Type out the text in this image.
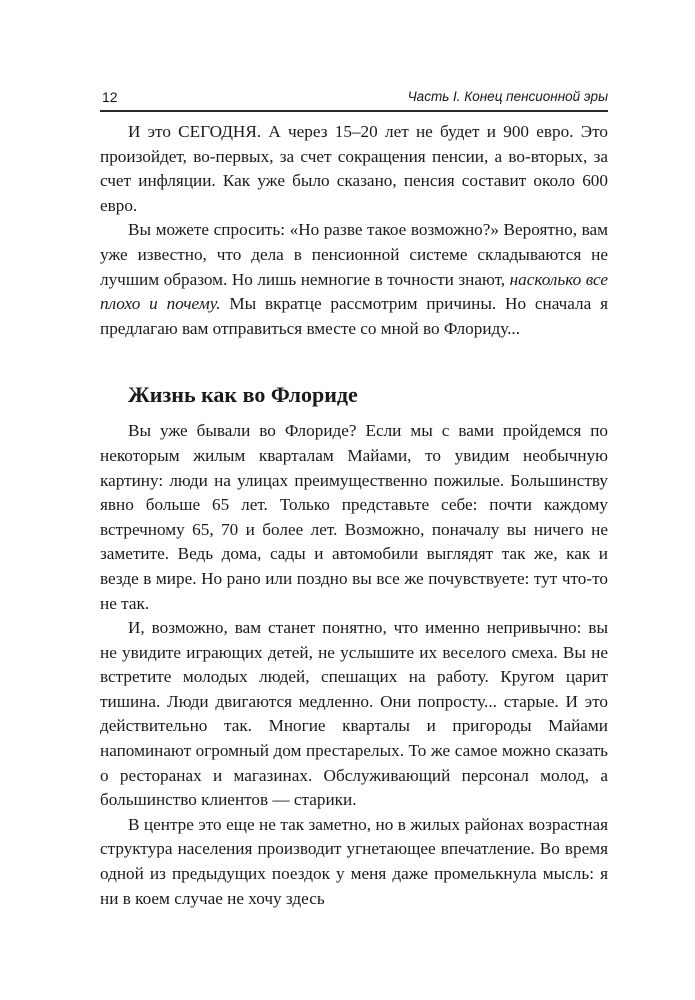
12	Часть I. Конец пенсионной эры

И это СЕГОДНЯ. А через 15–20 лет не будет и 900 евро. Это произойдет, во-первых, за счет сокращения пенсии, а во-вторых, за счет инфляции. Как уже было сказано, пенсия составит около 600 евро.

Вы можете спросить: «Но разве такое возможно?» Вероятно, вам уже известно, что дела в пенсионной системе складываются не лучшим образом. Но лишь немногие в точности знают, насколько все плохо и почему. Мы вкратце рассмотрим причины. Но сначала я предлагаю вам отправиться вместе со мной во Флориду...

Жизнь как во Флориде

Вы уже бывали во Флориде? Если мы с вами пройдемся по некоторым жилым кварталам Майами, то увидим необычную картину: люди на улицах преимущественно пожилые. Большинству явно больше 65 лет. Только представьте себе: почти каждому встречному 65, 70 и более лет. Возможно, поначалу вы ничего не заметите. Ведь дома, сады и автомобили выглядят так же, как и везде в мире. Но рано или поздно вы все же почувствуете: тут что-то не так.

И, возможно, вам станет понятно, что именно непривычно: вы не увидите играющих детей, не услышите их веселого смеха. Вы не встретите молодых людей, спешащих на работу. Кругом царит тишина. Люди двигаются медленно. Они попросту... старые. И это действительно так. Многие кварталы и пригороды Майами напоминают огромный дом престарелых. То же самое можно сказать о ресторанах и магазинах. Обслуживающий персонал молод, а большинство клиентов — старики.

В центре это еще не так заметно, но в жилых районах возрастная структура населения производит угнетающее впечатление. Во время одной из предыдущих поездок у меня даже промелькнула мысль: я ни в коем случае не хочу здесь
